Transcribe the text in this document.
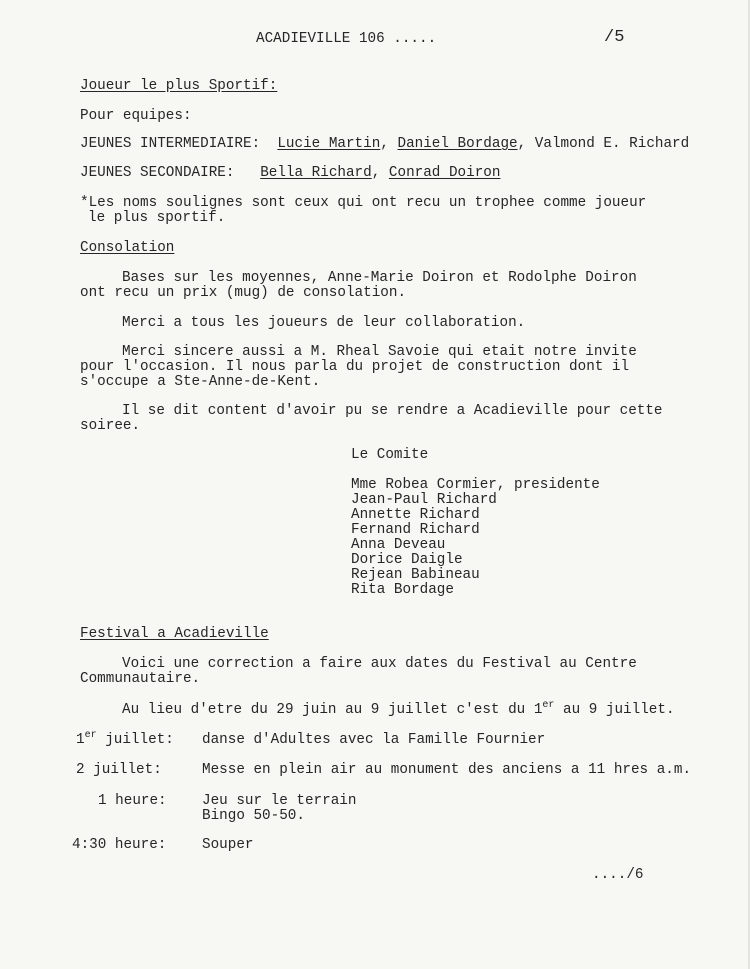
ACADIEVILLE 106 .....	/5
Joueur le plus Sportif:
Pour equipes:
JEUNES INTERMEDIAIRE: Lucie Martin, Daniel Bordage, Valmond E. Richard
JEUNES SECONDAIRE: Bella Richard, Conrad Doiron
*Les noms soulignes sont ceux qui ont recu un trophee comme joueur
le plus sportif.
Consolation
Bases sur les moyennes, Anne-Marie Doiron et Rodolphe Doiron
ont recu un prix (mug) de consolation.
Merci a tous les joueurs de leur collaboration.
Merci sincere aussi a M. Rheal Savoie qui etait notre invite
pour l'occasion. Il nous parla du projet de construction dont il
s'occupe a Ste-Anne-de-Kent.
Il se dit content d'avoir pu se rendre a Acadieville pour cette
soiree.
Le Comite
Mme Robea Cormier, presidente
Jean-Paul Richard
Annette Richard
Fernand Richard
Anna Deveau
Dorice Daigle
Rejean Babineau
Rita Bordage
Festival a Acadieville
Voici une correction a faire aux dates du Festival au Centre
Communautaire.
Au lieu d'etre du 29 juin au 9 juillet c'est du 1er au 9 juillet.
1er juillet: danse d'Adultes avec la Famille Fournier
2 juillet:	Messe en plein air au monument des anciens a 11 hres a.m.
1 heure: Jeu sur le terrain
Bingo 50-50.
4:30 heure: Souper
..../6
